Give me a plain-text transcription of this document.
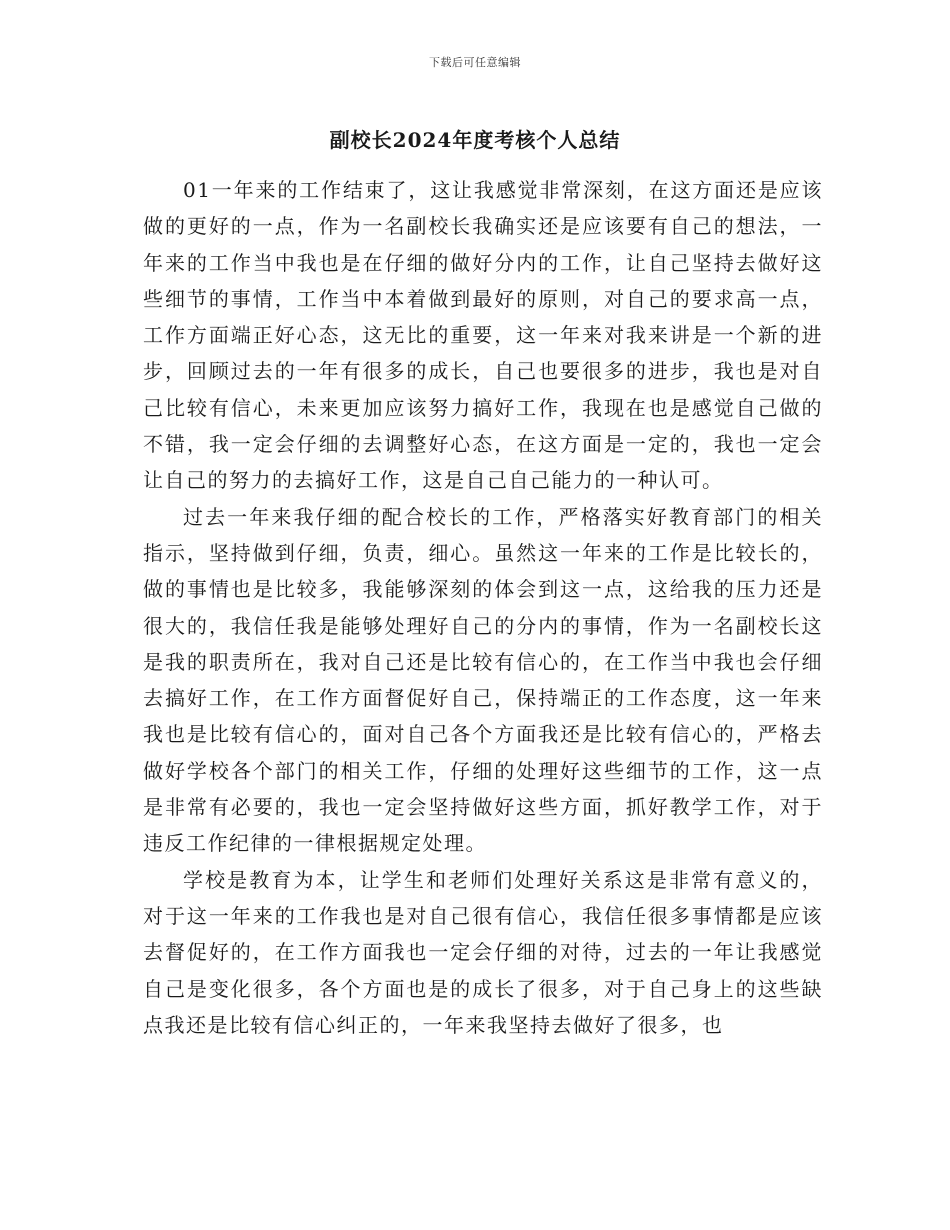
下载后可任意编辑
副校长2024年度考核个人总结

01一年来的工作结束了，这让我感觉非常深刻，在这方面还是应该做的更好的一点，作为一名副校长我确实还是应该要有自己的想法，一年来的工作当中我也是在仔细的做好分内的工作，让自己坚持去做好这些细节的事情，工作当中本着做到最好的原则，对自己的要求高一点，工作方面端正好心态，这无比的重要，这一年来对我来讲是一个新的进步，回顾过去的一年有很多的成长，自己也要很多的进步，我也是对自己比较有信心，未来更加应该努力搞好工作，我现在也是感觉自己做的不错，我一定会仔细的去调整好心态，在这方面是一定的，我也一定会让自己的努力的去搞好工作，这是自己自己能力的一种认可。

过去一年来我仔细的配合校长的工作，严格落实好教育部门的相关指示，坚持做到仔细，负责，细心。虽然这一年来的工作是比较长的，做的事情也是比较多，我能够深刻的体会到这一点，这给我的压力还是很大的，我信任我是能够处理好自己的分内的事情，作为一名副校长这是我的职责所在，我对自己还是比较有信心的，在工作当中我也会仔细去搞好工作，在工作方面督促好自己，保持端正的工作态度，这一年来我也是比较有信心的，面对自己各个方面我还是比较有信心的，严格去做好学校各个部门的相关工作，仔细的处理好这些细节的工作，这一点是非常有必要的，我也一定会坚持做好这些方面，抓好教学工作，对于违反工作纪律的一律根据规定处理。

学校是教育为本，让学生和老师们处理好关系这是非常有意义的，对于这一年来的工作我也是对自己很有信心，我信任很多事情都是应该去督促好的，在工作方面我也一定会仔细的对待，过去的一年让我感觉自己是变化很多，各个方面也是的成长了很多，对于自己身上的这些缺点我还是比较有信心纠正的，一年来我坚持去做好了很多，也
